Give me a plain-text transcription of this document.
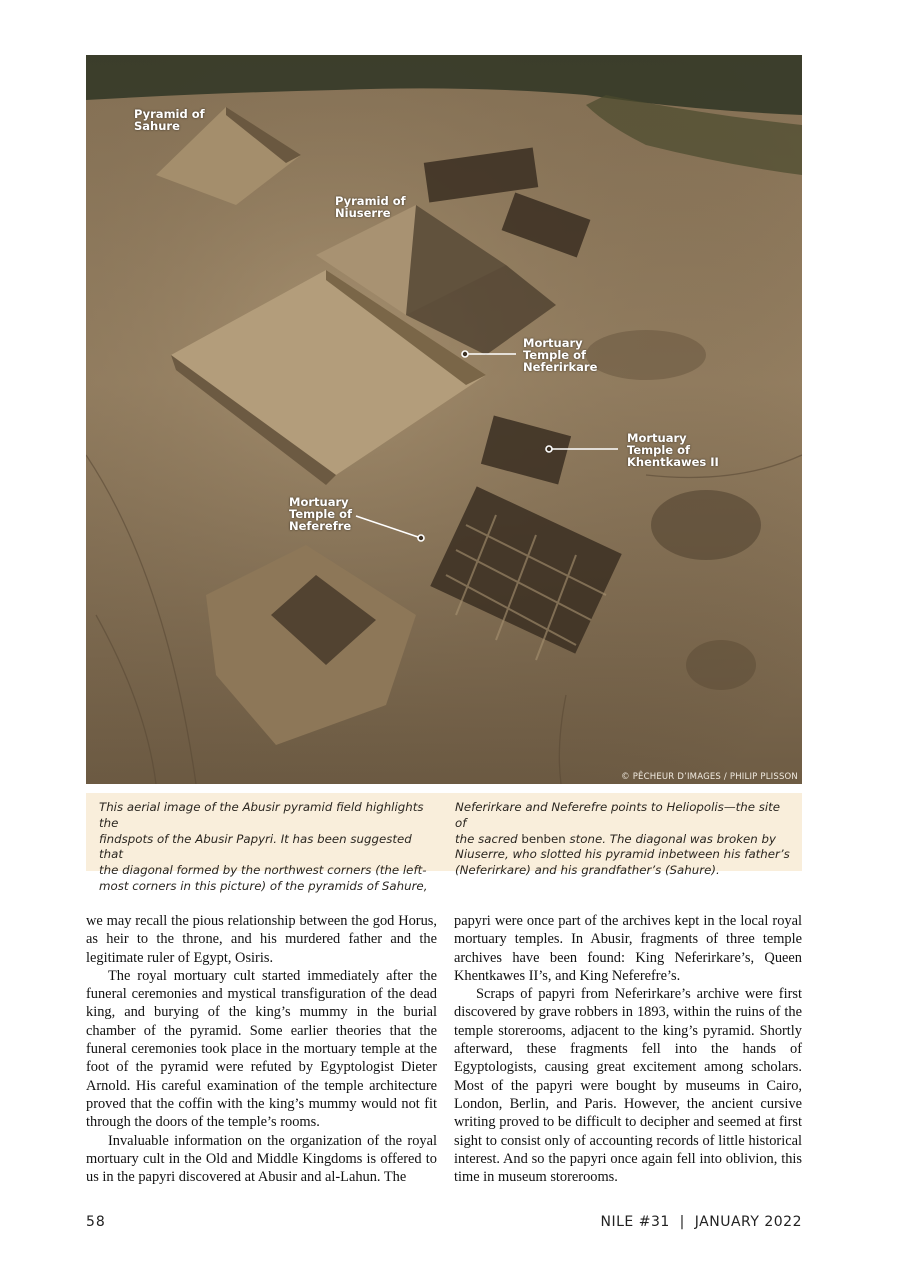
Pyramid of
Sahure
Pyramid of
Niuserre
Mortuary
Temple of
Neferirkare
Mortuary
Temple of
Khentkawes II
Mortuary
Temple of
Neferefre
© PÊCHEUR D’IMAGES / PHILIP PLISSON
This aerial image of the Abusir pyramid field highlights the
findspots of the Abusir Papyri. It has been suggested that
the diagonal formed by the northwest corners (the left-
most corners in this picture) of the pyramids of Sahure,
Neferirkare and Neferefre points to Heliopolis—the site of
the sacred benben stone. The diagonal was broken by
Niuserre, who slotted his pyramid inbetween his father’s
(Neferirkare) and his grandfather’s (Sahure).

we may recall the pious relationship between the god Horus, as heir to the throne, and his murdered father and the legitimate ruler of Egypt, Osiris.

The royal mortuary cult started immediately after the funeral ceremonies and mystical transfiguration of the dead king, and burying of the king’s mummy in the burial chamber of the pyramid. Some earlier theories that the funeral ceremonies took place in the mortuary temple at the foot of the pyramid were refuted by Egyptologist Dieter Arnold. His careful examination of the temple architecture proved that the coffin with the king’s mummy would not fit through the doors of the temple’s rooms.

Invaluable information on the organization of the royal mortuary cult in the Old and Middle Kingdoms is offered to us in the papyri discovered at Abusir and al-Lahun. The

papyri were once part of the archives kept in the local royal mortuary temples. In Abusir, fragments of three temple archives have been found: King Neferirkare’s, Queen Khentkawes II’s, and King Neferefre’s.

Scraps of papyri from Neferirkare’s archive were first discovered by grave robbers in 1893, within the ruins of the temple storerooms, adjacent to the king’s pyramid. Shortly afterward, these fragments fell into the hands of Egyptologists, causing great excitement among scholars. Most of the papyri were bought by museums in Cairo, London, Berlin, and Paris. However, the ancient cursive writing proved to be difficult to decipher and seemed at first sight to consist only of accounting records of little historical interest. And so the papyri once again fell into oblivion, this time in museum storerooms.

58	NILE #31  |  JANUARY 2022
